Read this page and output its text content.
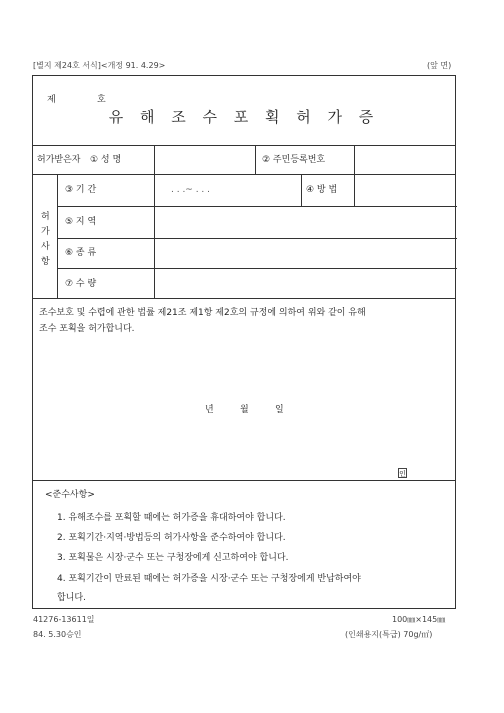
[별지 제24호 서식]<개정 91. 4.29>	(앞 면)
제	호
유 해 조 수 포 획 허 가 증
허가받은자 ① 성 명	② 주민등록번호
허
가
사
항
③ 기 간	. . .~ . . .	④ 방 법
⑤ 지 역
⑥ 종 류
⑦ 수 량
조수보호 및 수렵에 관한 법률 제21조 제1항 제2호의 규정에 의하여 위와 같이 유해
조수 포획을 허가합니다.
년	월	일
인
<준수사항>
1. 유해조수를 포획할 때에는 허가증을 휴대하여야 합니다.
2. 포획기간·지역·방법등의 허가사항을 준수하여야 합니다.
3. 포획물은 시장·군수 또는 구청장에게 신고하여야 합니다.
4. 포획기간이 만료된 때에는 허가증을 시장·군수 또는 구청장에게 반납하여야
합니다.
41276-13611일
84. 5.30승인
100㎜×145㎜
(인쇄용지(특급) 70g/㎡)
